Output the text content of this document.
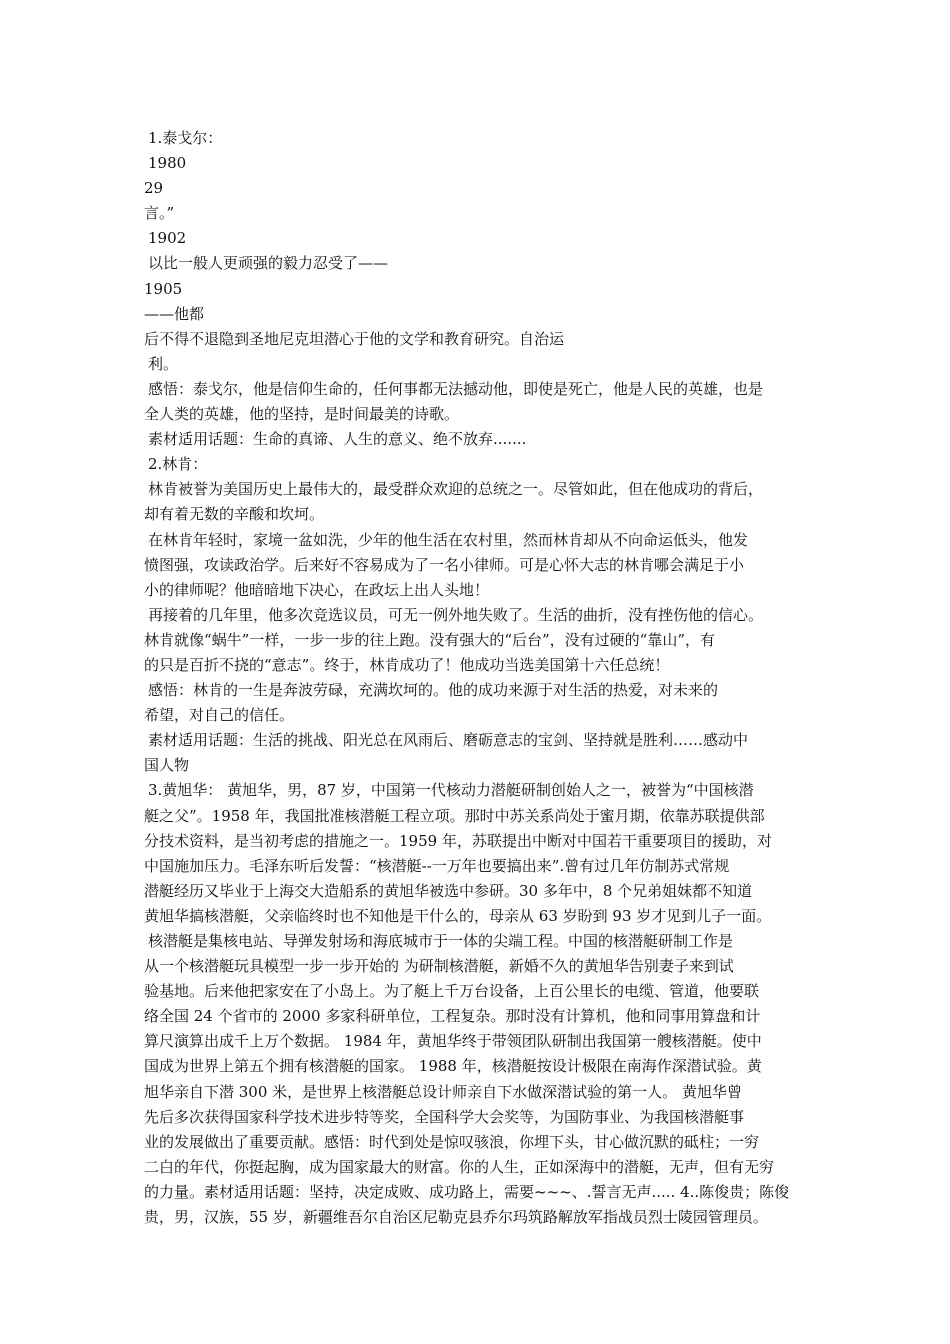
1.泰戈尔：
1980
29
言。”
1902
以比一般人更顽强的毅力忍受了——
1905
——他都
后不得不退隐到圣地尼克坦潜心于他的文学和教育研究。自治运
利。
感悟：泰戈尔，他是信仰生命的，任何事都无法撼动他，即使是死亡，他是人民的英雄，也是
全人类的英雄，他的坚持，是时间最美的诗歌。
素材适用话题：生命的真谛、人生的意义、绝不放弃.......
2.林肯：
林肯被誉为美国历史上最伟大的，最受群众欢迎的总统之一。尽管如此，但在他成功的背后，
却有着无数的辛酸和坎坷。
在林肯年轻时，家境一盆如洗，少年的他生活在农村里，然而林肯却从不向命运低头，他发
愤图强，攻读政治学。后来好不容易成为了一名小律师。可是心怀大志的林肯哪会满足于小
小的律师呢？他暗暗地下决心，在政坛上出人头地！
再接着的几年里，他多次竞选议员，可无一例外地失败了。生活的曲折，没有挫伤他的信心。
林肯就像“蜗牛”一样，一步一步的往上跑。没有强大的“后台”，没有过硬的“靠山”，有
的只是百折不挠的“意志”。终于，林肯成功了！他成功当选美国第十六任总统！
感悟：林肯的一生是奔波劳碌，充满坎坷的。他的成功来源于对生活的热爱，对未来的
希望，对自己的信任。
素材适用话题：生活的挑战、阳光总在风雨后、磨砺意志的宝剑、坚持就是胜利……感动中
国人物
3.黄旭华： 黄旭华，男，87 岁，中国第一代核动力潜艇研制创始人之一，被誉为“中国核潜
艇之父”。1958 年，我国批准核潜艇工程立项。那时中苏关系尚处于蜜月期，依靠苏联提供部
分技术资料，是当初考虑的措施之一。1959 年，苏联提出中断对中国若干重要项目的援助，对
中国施加压力。毛泽东听后发誓：“核潜艇--一万年也要搞出来”.曾有过几年仿制苏式常规
潜艇经历又毕业于上海交大造船系的黄旭华被选中参研。30 多年中，8 个兄弟姐妹都不知道
黄旭华搞核潜艇，父亲临终时也不知他是干什么的，母亲从 63 岁盼到 93 岁才见到儿子一面。
核潜艇是集核电站、导弹发射场和海底城市于一体的尖端工程。中国的核潜艇研制工作是
从一个核潜艇玩具模型一步一步开始的 为研制核潜艇，新婚不久的黄旭华告别妻子来到试
验基地。后来他把家安在了小岛上。为了艇上千万台设备，上百公里长的电缆、管道，他要联
络全国 24 个省市的 2000 多家科研单位，工程复杂。那时没有计算机，他和同事用算盘和计
算尺演算出成千上万个数据。 1984 年，黄旭华终于带领团队研制出我国第一艘核潜艇。使中
国成为世界上第五个拥有核潜艇的国家。 1988 年，核潜艇按设计极限在南海作深潜试验。黄
旭华亲自下潜 300 米，是世界上核潜艇总设计师亲自下水做深潜试验的第一人。 黄旭华曾
先后多次获得国家科学技术进步特等奖，全国科学大会奖等，为国防事业、为我国核潜艇事
业的发展做出了重要贡献。感悟：时代到处是惊叹骇浪，你埋下头，甘心做沉默的砥柱；一穷
二白的年代，你挺起胸，成为国家最大的财富。你的人生，正如深海中的潜艇，无声，但有无穷
的力量。素材适用话题：坚持，决定成败、成功路上，需要~~~、.誓言无声..... 4..陈俊贵；陈俊
贵，男，汉族，55 岁，新疆维吾尔自治区尼勒克县乔尔玛筑路解放军指战员烈士陵园管理员。
